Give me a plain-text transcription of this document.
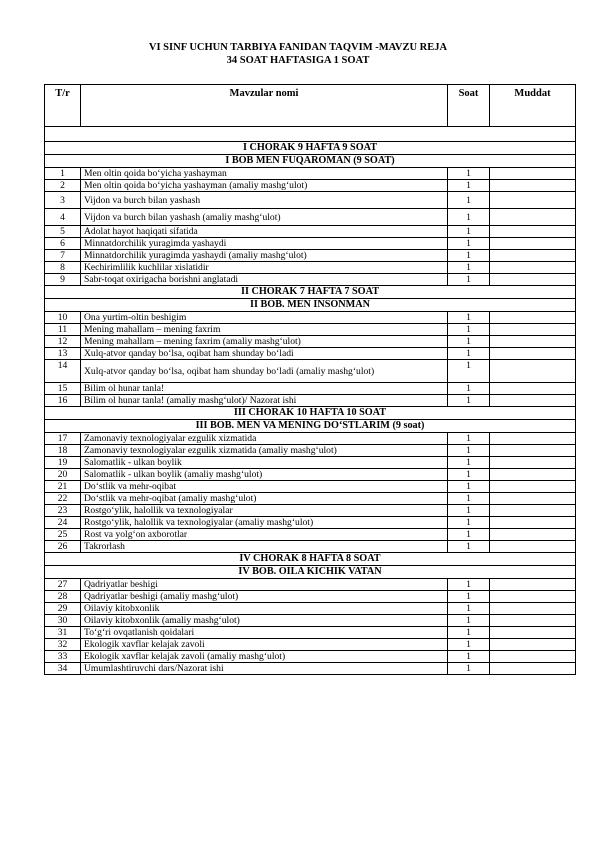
VI SINF UCHUN TARBIYA FANIDAN TAQVIM -MAVZU REJA
34 SOAT HAFTASIGA 1 SOAT
T/r	Mavzular nomi	Soat	Muddat

I CHORAK 9 HAFTA 9 SOAT			
I BOB MEN FUQAROMAN (9 SOAT)			
1	Men oltin qoida bo‘yicha yashayman	1	
2	Men oltin qoida bo‘yicha yashayman (amaliy mashg‘ulot)	1	
3	Vijdon va burch bilan yashash	1	
4	Vijdon va burch bilan yashash (amaliy mashg‘ulot)	1	
5	Adolat hayot haqiqati sifatida	1	
6	Minnatdorchilik yuragimda yashaydi	1	
7	Minnatdorchilik yuragimda yashaydi (amaliy mashg‘ulot)	1	
8	Kechirimlilik kuchlilar xislatidir	1	
9	Sabr-toqat oxirigacha borishni anglatadi	1	
II CHORAK 7 HAFTA 7 SOAT			
II BOB. MEN INSONMAN			
10	Ona yurtim-oltin beshigim	1	
11	Mening mahallam – mening faxrim	1	
12	Mening mahallam – mening faxrim (amaliy mashg‘ulot)	1	
13	Xulq-atvor qanday bo‘lsa, oqibat ham shunday bo‘ladi	1	
14	Xulq-atvor qanday bo‘lsa, oqibat ham shunday bo‘ladi (amaliy mashg‘ulot)	1	
15	Bilim ol hunar tanla!	1	
16	Bilim ol hunar tanla! (amaliy mashg‘ulot)/ Nazorat ishi	1	
III CHORAK 10 HAFTA 10 SOAT			
III BOB. MEN VA MENING DO‘STLARIM (9 soat)			
17	Zamonaviy texnologiyalar ezgulik xizmatida	1	
18	Zamonaviy texnologiyalar ezgulik xizmatida (amaliy mashg‘ulot)	1	
19	Salomatlik - ulkan boylik	1	
20	Salomatlik - ulkan boylik (amaliy mashg‘ulot)	1	
21	Do‘stlik va mehr-oqibat	1	
22	Do‘stlik va mehr-oqibat (amaliy mashg‘ulot)	1	
23	Rostgo‘ylik, halollik va texnologiyalar	1	
24	Rostgo‘ylik, halollik va texnologiyalar (amaliy mashg‘ulot)	1	
25	Rost va yolg‘on axborotlar	1	
26	Takrorlash	1	
IV CHORAK 8 HAFTA 8 SOAT			
IV BOB. OILA KICHIK VATAN			
27	Qadriyatlar beshigi	1	
28	Qadriyatlar beshigi (amaliy mashg‘ulot)	1	
29	Oilaviy kitobxonlik	1	
30	Oilaviy kitobxonlik (amaliy mashg‘ulot)	1	
31	To‘g‘ri ovqatlanish qoidalari	1	
32	Ekologik xavflar kelajak zavoli	1	
33	Ekologik xavflar kelajak zavoli (amaliy mashg‘ulot)	1	
34	Umumlashtiruvchi dars/Nazorat ishi	1	
